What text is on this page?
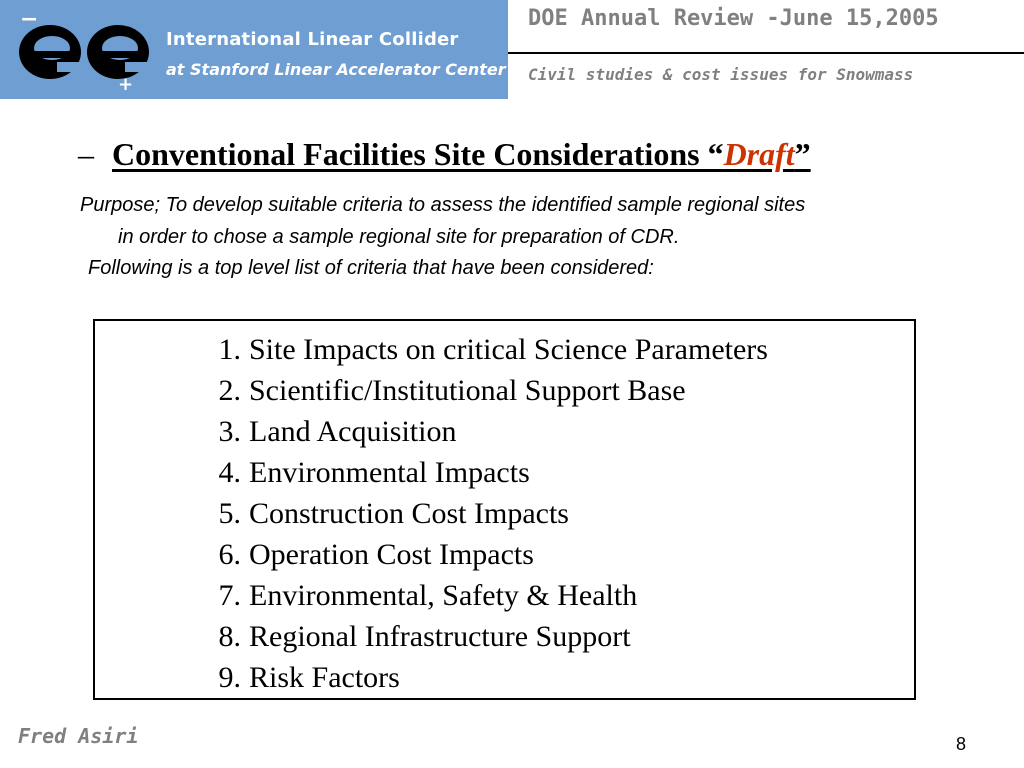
−
+
International Linear Collider
at Stanford Linear Accelerator Center
DOE Annual Review -June 15,2005
Civil studies & cost issues for Snowmass
– Conventional Facilities Site Considerations “Draft”
Purpose; To develop suitable criteria to assess the identified sample regional sites
in order to chose a sample regional site for preparation of CDR.
Following is a top level list of criteria that have been considered:
1. Site Impacts on critical Science Parameters
2. Scientific/Institutional Support Base
3. Land Acquisition
4. Environmental Impacts
5. Construction Cost Impacts
6. Operation Cost Impacts
7. Environmental, Safety & Health
8. Regional Infrastructure Support
9. Risk Factors
Fred Asiri	8
